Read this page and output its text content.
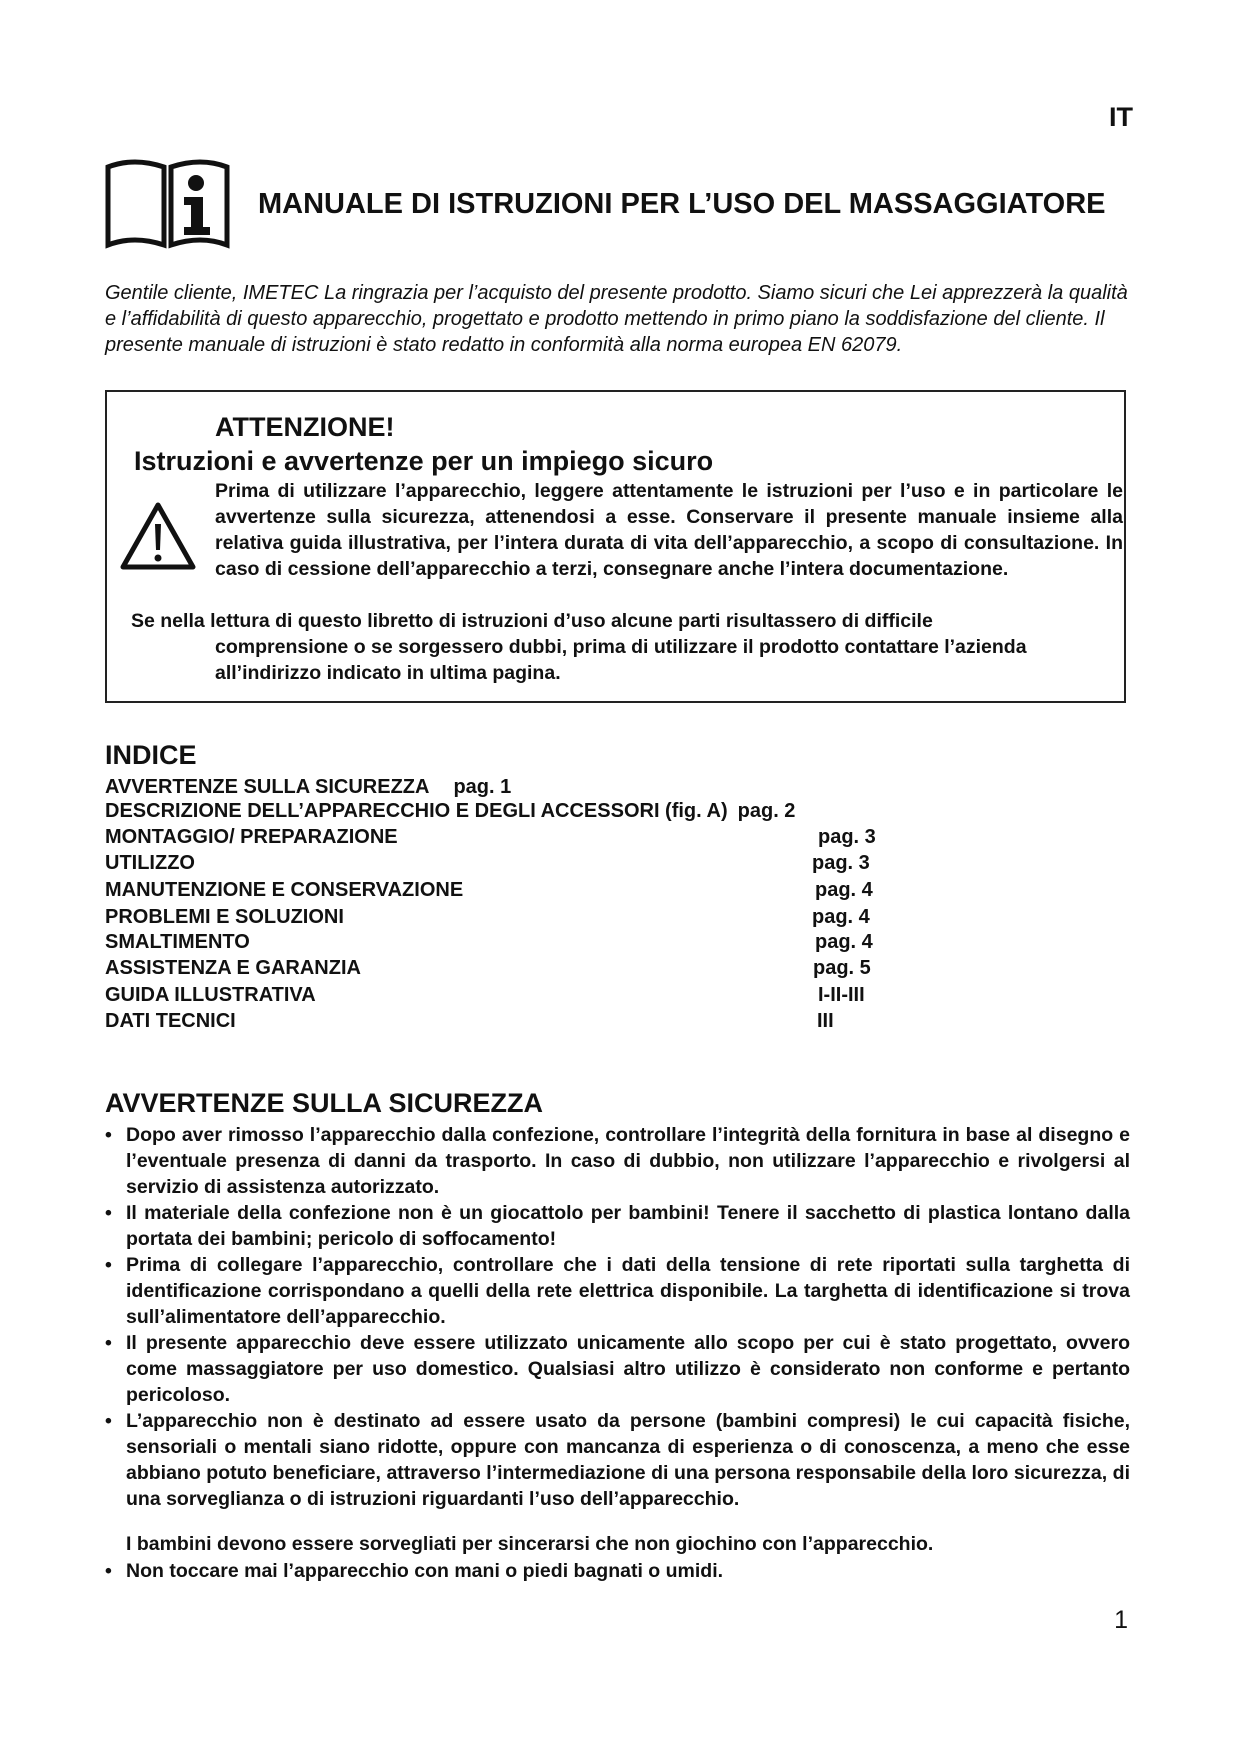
IT
MANUALE DI ISTRUZIONI PER L’USO DEL MASSAGGIATORE

Gentile cliente, IMETEC La ringrazia per l’acquisto del presente prodotto. Siamo sicuri che Lei apprezzerà la qualità e l’affidabilità di questo apparecchio, progettato e prodotto mettendo in primo piano la soddisfazione del cliente. Il presente manuale di istruzioni è stato redatto in conformità alla norma europea EN 62079.

ATTENZIONE!
Istruzioni e avvertenze per un impiego sicuro

Prima di utilizzare l’apparecchio, leggere attentamente le istruzioni per l’uso e in particolare le avvertenze sulla sicurezza, attenendosi a esse. Conservare il presente manuale insieme alla relativa guida illustrativa, per l’intera durata di vita dell’apparecchio, a scopo di consultazione. In caso di cessione dell’apparecchio a terzi, consegnare anche l’intera documentazione.

Se nella lettura di questo libretto di istruzioni d’uso alcune parti risultassero di difficile
comprensione o se sorgessero dubbi, prima di utilizzare il prodotto contattare l’azienda all’indirizzo indicato in ultima pagina.

INDICE
AVVERTENZE SULLA SICUREZZA pag. 1
DESCRIZIONE DELL’APPARECCHIO E DEGLI ACCESSORI (fig. A) pag. 2
MONTAGGIO/ PREPARAZIONE	pag. 3
UTILIZZO	pag. 3
MANUTENZIONE E CONSERVAZIONE	pag. 4
PROBLEMI E SOLUZIONI	pag. 4
SMALTIMENTO	pag. 4
ASSISTENZA E GARANZIA	pag. 5
GUIDA ILLUSTRATIVA	I-II-III
DATI TECNICI	III
AVVERTENZE SULLA SICUREZZA
• Dopo aver rimosso l’apparecchio dalla confezione, controllare l’integrità della fornitura in base al disegno e l’eventuale presenza di danni da trasporto. In caso di dubbio, non utilizzare l’apparecchio e rivolgersi al servizio di assistenza autorizzato.
• Il materiale della confezione non è un giocattolo per bambini! Tenere il sacchetto di plastica lontano dalla portata dei bambini; pericolo di soffocamento!
• Prima di collegare l’apparecchio, controllare che i dati della tensione di rete riportati sulla targhetta di identificazione corrispondano a quelli della rete elettrica disponibile. La targhetta di identificazione si trova sull’alimentatore dell’apparecchio.
• Il presente apparecchio deve essere utilizzato unicamente allo scopo per cui è stato progettato, ovvero come massaggiatore per uso domestico. Qualsiasi altro utilizzo è considerato non conforme e pertanto pericoloso.
• L’apparecchio non è destinato ad essere usato da persone (bambini compresi) le cui capacità fisiche, sensoriali o mentali siano ridotte, oppure con mancanza di esperienza o di conoscenza, a meno che esse abbiano potuto beneficiare, attraverso l’intermediazione di una persona responsabile della loro sicurezza, di una sorveglianza o di istruzioni riguardanti l’uso dell’apparecchio.
I bambini devono essere sorvegliati per sincerarsi che non giochino con l’apparecchio.
• Non toccare mai l’apparecchio con mani o piedi bagnati o umidi.
1
